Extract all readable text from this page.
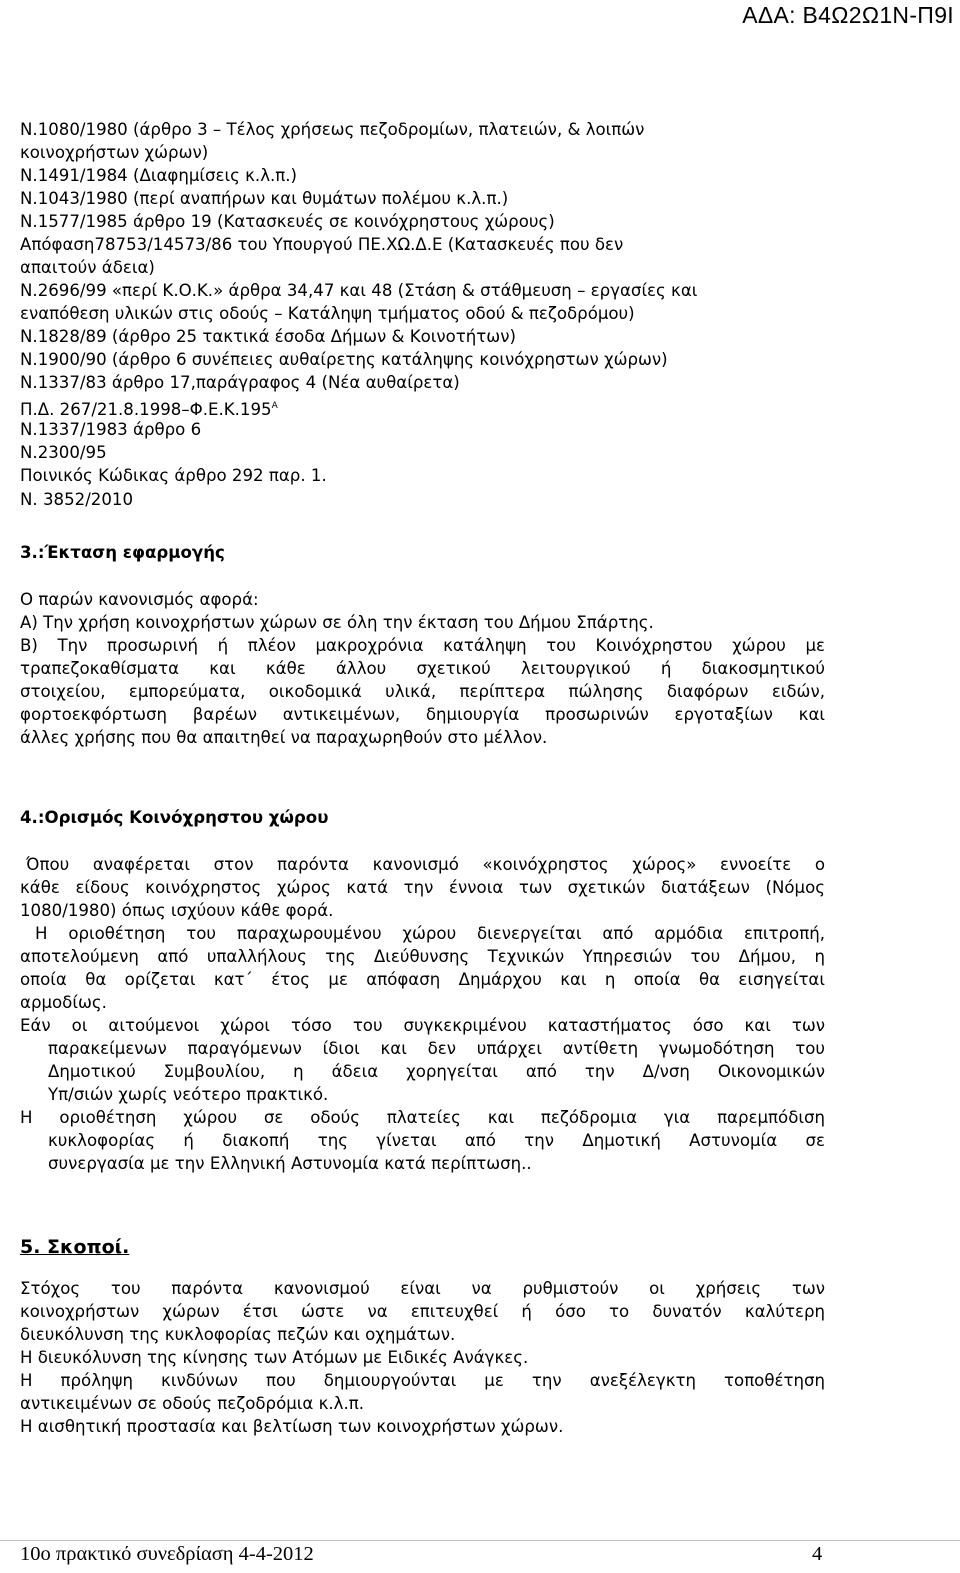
ΑΔΑ: Β4Ω2Ω1Ν-Π9Ι
Ν.1080/1980 (άρθρο 3 – Τέλος χρήσεως πεζοδρομίων, πλατειών, & λοιπών
κοινοχρήστων χώρων)
Ν.1491/1984 (Διαφημίσεις κ.λ.π.)
Ν.1043/1980 (περί αναπήρων και θυμάτων πολέμου κ.λ.π.)
Ν.1577/1985 άρθρο 19 (Κατασκευές σε κοινόχρηστους χώρους)
Απόφαση78753/14573/86 του Υπουργού ΠΕ.ΧΩ.Δ.Ε (Κατασκευές που δεν
απαιτούν άδεια)
Ν.2696/99 «περί Κ.Ο.Κ.» άρθρα 34,47 και 48 (Στάση & στάθμευση – εργασίες και
εναπόθεση υλικών στις οδούς – Κατάληψη τμήματος οδού & πεζοδρόμου)
Ν.1828/89 (άρθρο 25 τακτικά έσοδα Δήμων & Κοινοτήτων)
Ν.1900/90 (άρθρο 6 συνέπειες αυθαίρετης κατάληψης κοινόχρηστων χώρων)
Ν.1337/83 άρθρο 17,παράγραφος 4 (Νέα αυθαίρετα)
Π.Δ. $267/21.8.1998-\Phi.E.K.195^A$
Ν.1337/1983 άρθρο 6
Ν.2300/95
Ποινικός Κώδικας άρθρο 292 παρ. 1.
Ν. 3852/2010
3.:Έκταση εφαρμογής
Ο παρών κανονισμός αφορά:
Α) Την χρήση κοινοχρήστων χώρων σε όλη την έκταση του Δήμου Σπάρτης.
Β) Την προσωρινή ή πλέον μακροχρόνια κατάληψη του Κοινόχρηστου χώρου με
τραπεζοκαθίσματα και κάθε άλλου σχετικού λειτουργικού ή διακοσμητικού
στοιχείου, εμπορεύματα, οικοδομικά υλικά, περίπτερα πώλησης διαφόρων ειδών,
φορτοεκφόρτωση βαρέων αντικειμένων, δημιουργία προσωρινών εργοταξίων και
άλλες χρήσης που θα απαιτηθεί να παραχωρηθούν στο μέλλον.
4.:Ορισμός Κοινόχρηστου χώρου
Όπου αναφέρεται στον παρόντα κανονισμό «κοινόχρηστος χώρος» εννοείτε ο
κάθε είδους κοινόχρηστος χώρος κατά την έννοια των σχετικών διατάξεων (Νόμος
1080/1980) όπως ισχύουν κάθε φορά.
Η οριοθέτηση του παραχωρουμένου χώρου διενεργείται από αρμόδια επιτροπή,
αποτελούμενη από υπαλλήλους της Διεύθυνσης Τεχνικών Υπηρεσιών του Δήμου, η
οποία θα ορίζεται κατ΄ έτος με απόφαση Δημάρχου και η οποία θα εισηγείται
αρμοδίως.
Εάν οι αιτούμενοι χώροι τόσο του συγκεκριμένου καταστήματος όσο και των
παρακείμενων παραγόμενων ίδιοι και δεν υπάρχει αντίθετη γνωμοδότηση του
Δημοτικού Συμβουλίου, η άδεια χορηγείται από την Δ/νση Οικονομικών
Υπ/σιών χωρίς νεότερο πρακτικό.
Η οριοθέτηση χώρου σε οδούς πλατείες και πεζόδρομια για παρεμπόδιση
κυκλοφορίας ή διακοπή της γίνεται από την Δημοτική Αστυνομία σε
συνεργασία με την Ελληνική Αστυνομία κατά περίπτωση..
5. Σκοποί.
Στόχος του παρόντα κανονισμού είναι να ρυθμιστούν οι χρήσεις των
κοινοχρήστων χώρων έτσι ώστε να επιτευχθεί ή όσο το δυνατόν καλύτερη
διευκόλυνση της κυκλοφορίας πεζών και οχημάτων.
Η διευκόλυνση της κίνησης των Ατόμων με Ειδικές Ανάγκες.
Η πρόληψη κινδύνων που δημιουργούνται με την ανεξέλεγκτη τοποθέτηση
αντικειμένων σε οδούς πεζοδρόμια κ.λ.π.
Η αισθητική προστασία και βελτίωση των κοινοχρήστων χώρων.
10ο πρακτικό συνεδρίαση 4-4-2012	4
